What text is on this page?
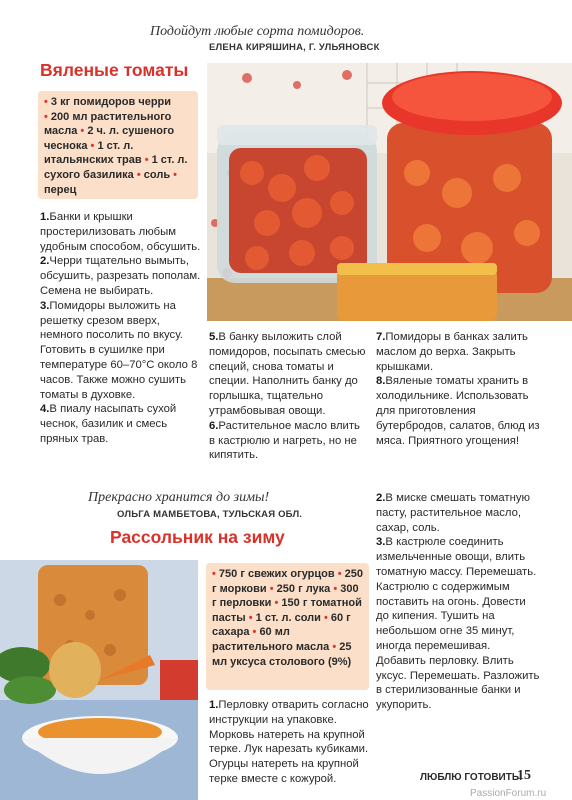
Подойдут любые сорта помидоров.
ЕЛЕНА КИРЯШИНА, Г. УЛЬЯНОВСК
Вяленые томаты
• 3 кг помидоров черри
• 200 мл растительного масла • 2 ч. л. сушеного чеснока • 1 ст. л. итальянских трав • 1 ст. л. сухого базилика • соль • перец

1.Банки и крышки простерилизовать любым удобным способом, обсушить.

2.Черри тщательно вымыть, обсушить, разрезать пополам. Семена не выбирать.

3.Помидоры выложить на решетку срезом вверх, немного посолить по вкусу. Готовить в сушилке при температуре 60–70°C около 8 часов. Также можно сушить томаты в духовке.

4.В пиалу насыпать сухой чеснок, базилик и смесь пряных трав.

5.В банку выложить слой помидоров, посыпать смесью специй, снова томаты и специи. Наполнить банку до горлышка, тщательно утрамбовывая овощи.

6.Растительное масло влить в кастрюлю и нагреть, но не кипятить.

7.Помидоры в банках залить маслом до верха. Закрыть крышками.

8.Вяленые томаты хранить в холодильнике. Использовать для приготовления бутербродов, салатов, блюд из мяса. Приятного угощения!

Прекрасно хранится до зимы!
ОЛЬГА МАМБЕТОВА, ТУЛЬСКАЯ ОБЛ.
Рассольник на зиму
• 750 г свежих огурцов • 250 г моркови • 250 г лука • 300 г перловки • 150 г томатной пасты • 1 ст. л. соли • 60 г сахара • 60 мл растительного масла • 25 мл уксуса столового (9%)

1.Перловку отварить согласно инструкции на упаковке. Морковь натереть на крупной терке. Лук нарезать кубиками. Огурцы натереть на крупной терке вместе с кожурой.

2.В миске смешать томатную пасту, растительное масло, сахар, соль.

3.В кастрюле соединить измельченные овощи, влить томатную массу. Перемешать. Кастрюлю с содержимым поставить на огонь. Довести до кипения. Тушить на небольшом огне 35 минут, иногда перемешивая. Добавить перловку. Влить уксус. Перемешать. Разложить в стерилизованные банки и укупорить.

ЛЮБЛЮ ГОТОВИТЬ!
15
PassionForum.ru
